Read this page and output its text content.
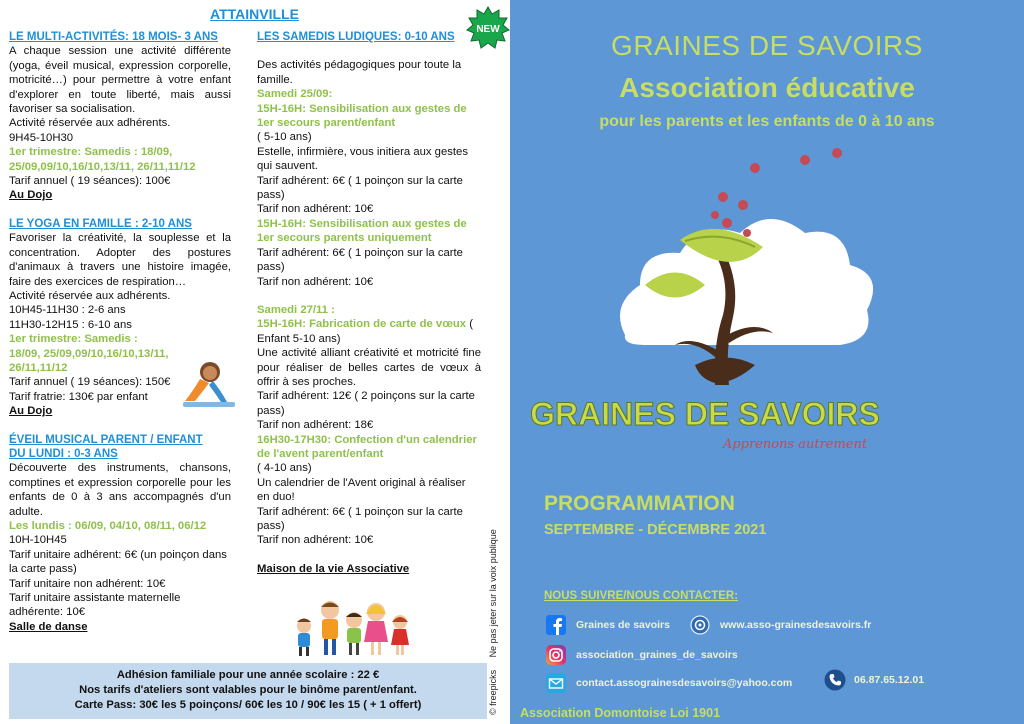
ATTAINVILLE
NEW
LE MULTI-ACTIVITÉS: 18 MOIS- 3 ANS
A chaque session une activité différente (yoga, éveil musical, expression corporelle, motricité…) pour permettre à votre enfant d'explorer en toute liberté, mais aussi favoriser sa socialisation.
Activité réservée aux adhérents.
9H45-10H30
1er trimestre: Samedis : 18/09, 25/09,09/10,16/10,13/11, 26/11,11/12
Tarif annuel ( 19 séances): 100€
Au Dojo
LE YOGA EN FAMILLE : 2-10 ANS
Favoriser la créativité, la souplesse et la concentration. Adopter des postures d'animaux à travers une histoire imagée, faire des exercices de respiration…
Activité réservée aux adhérents.
10H45-11H30 : 2-6 ans
11H30-12H15 : 6-10 ans
1er trimestre: Samedis : 18/09, 25/09,09/10,16/10,13/11, 26/11,11/12
Tarif annuel ( 19 séances): 150€
Tarif fratrie: 130€ par enfant
Au Dojo
ÉVEIL MUSICAL PARENT / ENFANT
DU LUNDI : 0-3 ANS
Découverte des instruments, chansons, comptines et expression corporelle pour les enfants de 0 à 3 ans accompagnés d'un adulte.
Les lundis : 06/09, 04/10, 08/11, 06/12
10H-10H45
Tarif unitaire adhérent: 6€ (un poinçon dans la carte pass)
Tarif unitaire non adhérent: 10€
Tarif unitaire assistante maternelle adhérente: 10€
Salle de danse
LES SAMEDIS LUDIQUES: 0-10 ANS
Des activités pédagogiques pour toute la famille.
Samedi 25/09:
15H-16H: Sensibilisation aux gestes de 1er secours parent/enfant
( 5-10 ans)
Estelle, infirmière, vous initiera aux gestes qui sauvent.
Tarif adhérent: 6€ ( 1 poinçon sur la carte pass)
Tarif non adhérent: 10€
15H-16H: Sensibilisation aux gestes de 1er secours parents uniquement
Tarif adhérent: 6€ ( 1 poinçon sur la carte pass)
Tarif non adhérent: 10€
Samedi 27/11 :
15H-16H: Fabrication de carte de vœux ( Enfant 5-10 ans)
Une activité alliant créativité et motricité fine pour réaliser de belles cartes de vœux à offrir à ses proches.
Tarif adhérent: 12€ ( 2 poinçons sur la carte pass)
Tarif non adhérent: 18€
16H30-17H30: Confection d'un calendrier de l'avent parent/enfant
( 4-10 ans)
Un calendrier de l'Avent original à réaliser en duo!
Tarif adhérent: 6€ ( 1 poinçon sur la carte pass)
Tarif non adhérent: 10€
Maison de la vie Associative
© freepicks     Ne pas jeter sur la voix publique
Adhésion familiale pour une année scolaire : 22 €
Nos tarifs d'ateliers sont valables pour le binôme parent/enfant.
Carte Pass: 30€ les 5 poinçons/ 60€ les 10 / 90€ les 15 ( + 1 offert)
GRAINES DE SAVOIRS
Association éducative
pour les parents et les enfants de 0 à 10 ans
GRAINES DE SAVOIRS
Apprenons autrement
PROGRAMMATION
SEPTEMBRE - DÉCEMBRE 2021
NOUS SUIVRE/NOUS CONTACTER:
Graines de savoirs	www.asso-grainesdesavoirs.fr
association_graines_de_savoirs
contact.assograinesdesavoirs@yahoo.com	06.87.65.12.01
Association Domontoise Loi 1901
